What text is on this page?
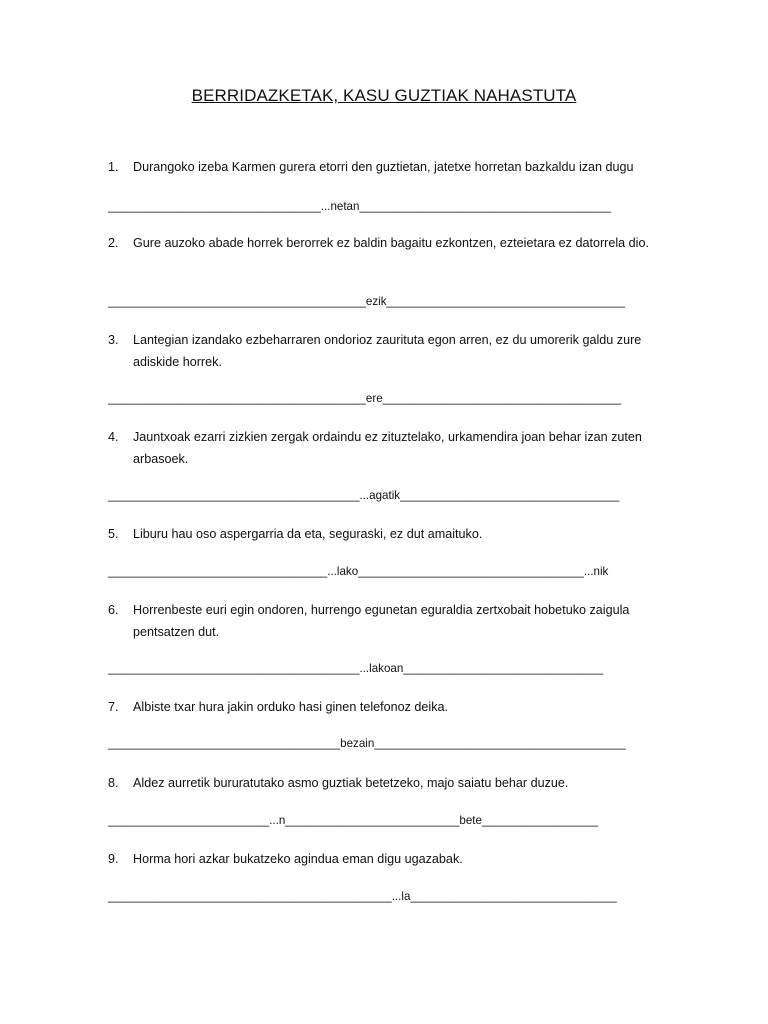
BERRIDAZKETAK, KASU GUZTIAK NAHASTUTA
1.	Durangoko izeba Karmen gurera etorri den guztietan, jatetxe horretan bazkaldu izan dugu
_________________________________...netan_______________________________________
2.	Gure auzoko abade horrek berorrek ez baldin bagaitu ezkontzen, ezteietara ez datorrela dio.
________________________________________ezik_____________________________________
3.	Lantegian izandako ezbeharraren ondorioz zaurituta egon arren, ez du umorerik galdu zure adiskide horrek.
________________________________________ere_____________________________________
4.	Jauntxoak ezarri zizkien zergak ordaindu ez zituztelako, urkamendira joan behar izan zuten arbasoek.
_______________________________________...agatik__________________________________
5.	Liburu hau oso aspergarria da eta, seguraski, ez dut amaituko.
__________________________________...lako___________________________________...nik
6.	Horrenbeste euri egin ondoren, hurrengo egunetan eguraldia zertxobait hobetuko zaigula pentsatzen dut.
_______________________________________...lakoan_______________________________
7.	Albiste txar hura jakin orduko hasi ginen telefonoz deika.
____________________________________bezain_______________________________________
8.	Aldez aurretik bururatutako asmo guztiak betetzeko, majo saiatu behar duzue.
_________________________...n___________________________bete__________________
9.	Horma hori azkar bukatzeko agindua eman digu ugazabak.
____________________________________________...la________________________________
